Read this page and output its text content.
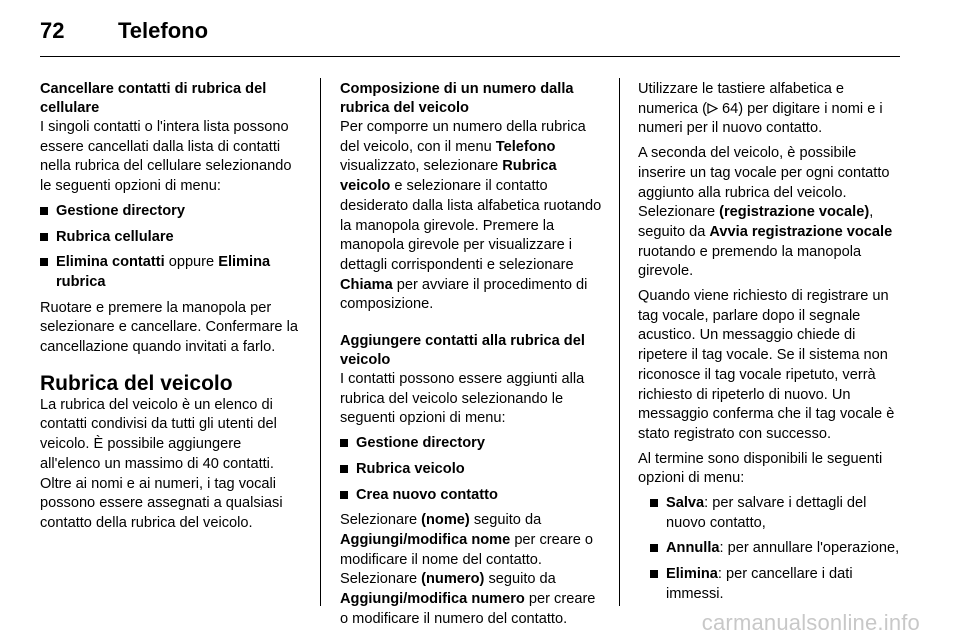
72 Telefono
Cancellare contatti di rubrica del cellulare

I singoli contatti o l'intera lista possono essere cancellati dalla lista di contatti nella rubrica del cellulare selezionando le seguenti opzioni di menu:

Gestione directory
Rubrica cellulare
Elimina contatti oppure Elimina rubrica

Ruotare e premere la manopola per selezionare e cancellare. Confermare la cancellazione quando invitati a farlo.

Rubrica del veicolo

La rubrica del veicolo è un elenco di contatti condivisi da tutti gli utenti del veicolo. È possibile aggiungere all'elenco un massimo di 40 contatti. Oltre ai nomi e ai numeri, i tag vocali possono essere assegnati a qualsiasi contatto della rubrica del veicolo.

Composizione di un numero dalla rubrica del veicolo

Per comporre un numero della rubrica del veicolo, con il menu Telefono visualizzato, selezionare Rubrica veicolo e selezionare il contatto desiderato dalla lista alfabetica ruotando la manopola girevole. Premere la manopola girevole per visualizzare i dettagli corrispondenti e selezionare Chiama per avviare il procedimento di composizione.

Aggiungere contatti alla rubrica del veicolo

I contatti possono essere aggiunti alla rubrica del veicolo selezionando le seguenti opzioni di menu:

Gestione directory
Rubrica veicolo
Crea nuovo contatto

Selezionare (nome) seguito da Aggiungi/modifica nome per creare o modificare il nome del contatto. Selezionare (numero) seguito da Aggiungi/modifica numero per creare o modificare il numero del contatto.

Utilizzare le tastiere alfabetica e numerica ( 64) per digitare i nomi e i numeri per il nuovo contatto.

A seconda del veicolo, è possibile inserire un tag vocale per ogni contatto aggiunto alla rubrica del veicolo. Selezionare (registrazione vocale), seguito da Avvia registrazione vocale ruotando e premendo la manopola girevole.

Quando viene richiesto di registrare un tag vocale, parlare dopo il segnale acustico. Un messaggio chiede di ripetere il tag vocale. Se il sistema non riconosce il tag vocale ripetuto, verrà richiesto di ripeterlo di nuovo. Un messaggio conferma che il tag vocale è stato registrato con successo.

Al termine sono disponibili le seguenti opzioni di menu:

Salva: per salvare i dettagli del nuovo contatto,
Annulla: per annullare l'operazione,
Elimina: per cancellare i dati immessi.
carmanualsonline.info
